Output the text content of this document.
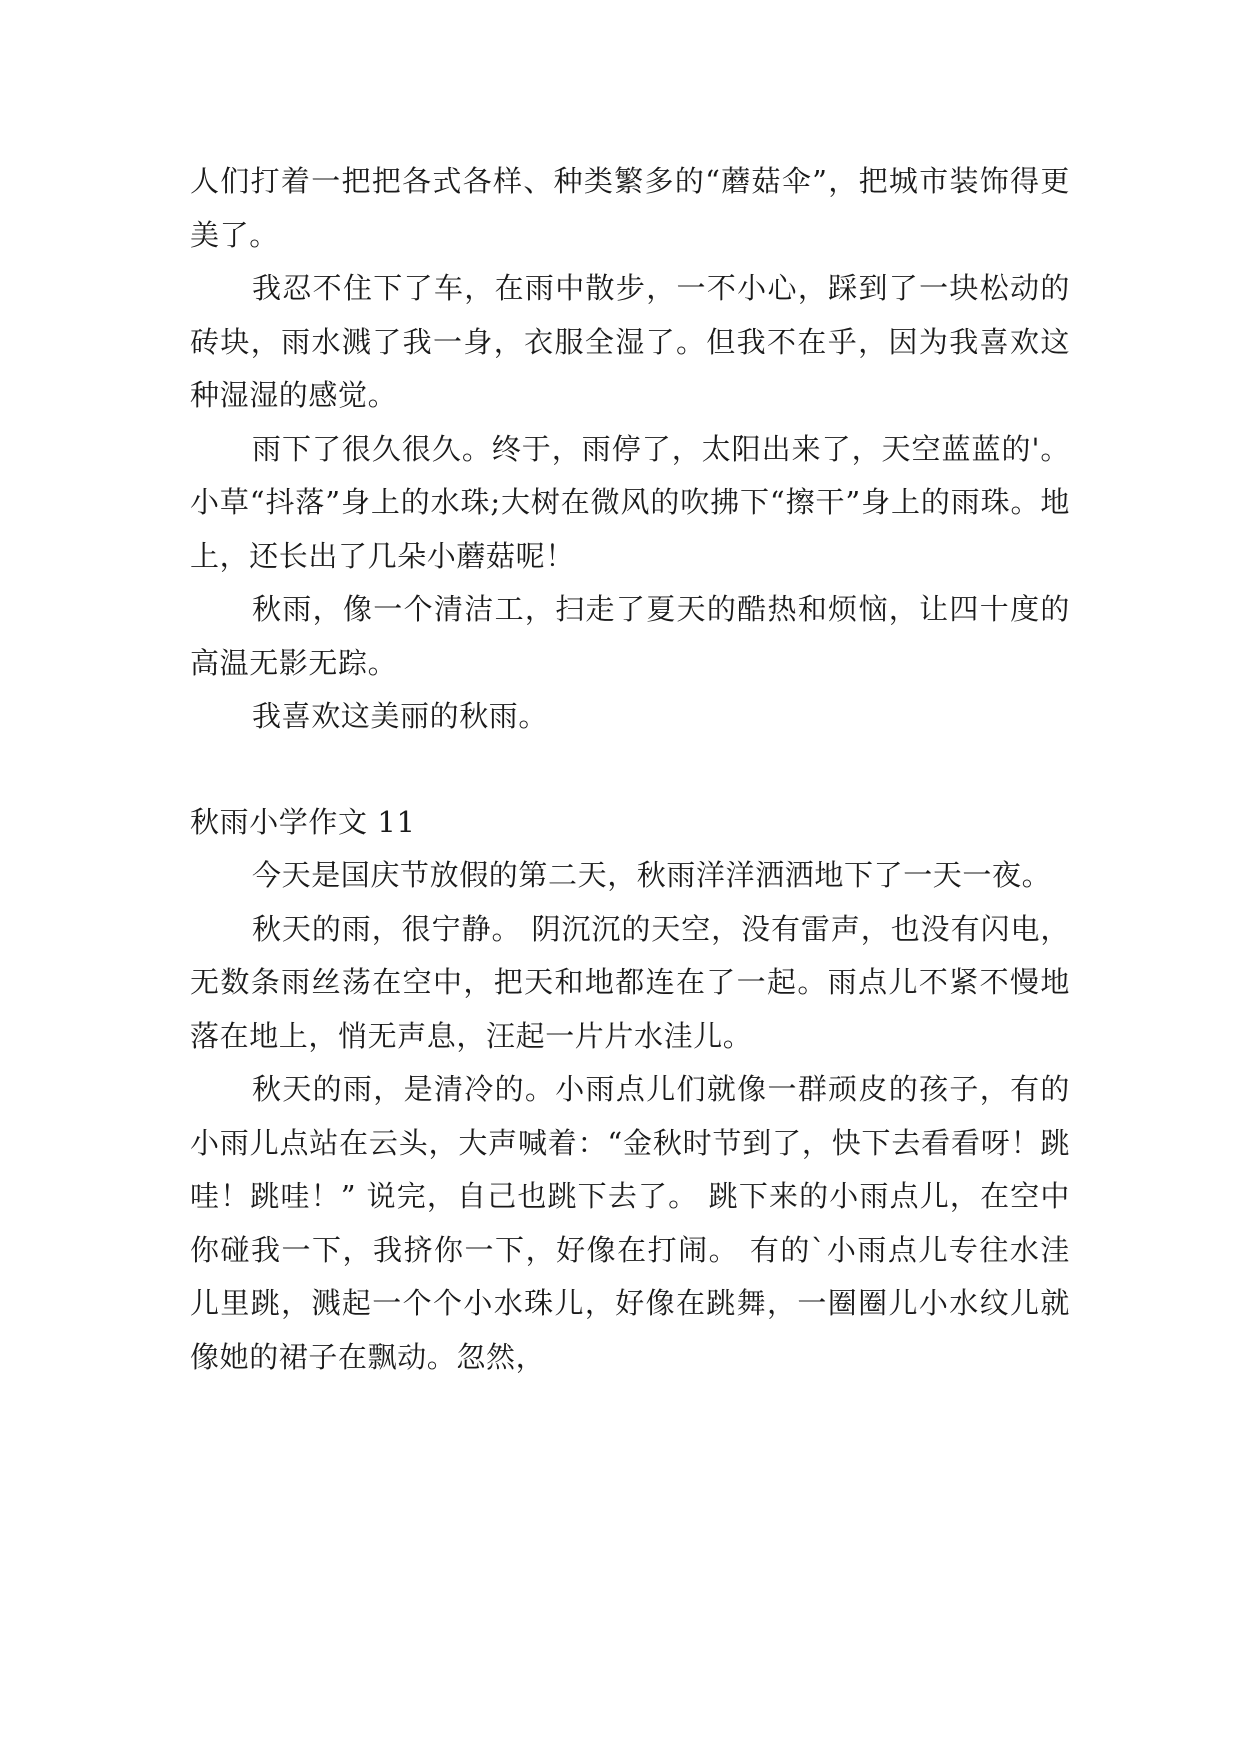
人们打着一把把各式各样、种类繁多的“蘑菇伞”，把城市装饰得更美了。

我忍不住下了车，在雨中散步，一不小心，踩到了一块松动的砖块，雨水溅了我一身，衣服全湿了。但我不在乎，因为我喜欢这种湿湿的感觉。

雨下了很久很久。终于，雨停了，太阳出来了，天空蓝蓝的'。小草“抖落”身上的水珠;大树在微风的吹拂下“擦干”身上的雨珠。地上，还长出了几朵小蘑菇呢！

秋雨，像一个清洁工，扫走了夏天的酷热和烦恼，让四十度的高温无影无踪。

我喜欢这美丽的秋雨。

秋雨小学作文 11

今天是国庆节放假的第二天，秋雨洋洋洒洒地下了一天一夜。

秋天的雨，很宁静。 阴沉沉的天空，没有雷声，也没有闪电，无数条雨丝荡在空中，把天和地都连在了一起。雨点儿不紧不慢地落在地上，悄无声息，汪起一片片水洼儿。

秋天的雨，是清冷的。小雨点儿们就像一群顽皮的孩子，有的小雨儿点站在云头，大声喊着：“金秋时节到了，快下去看看呀！跳哇！跳哇！” 说完，自己也跳下去了。 跳下来的小雨点儿，在空中你碰我一下，我挤你一下，好像在打闹。 有的`小雨点儿专往水洼儿里跳，溅起一个个小水珠儿，好像在跳舞，一圈圈儿小水纹儿就像她的裙子在飘动。忽然，
